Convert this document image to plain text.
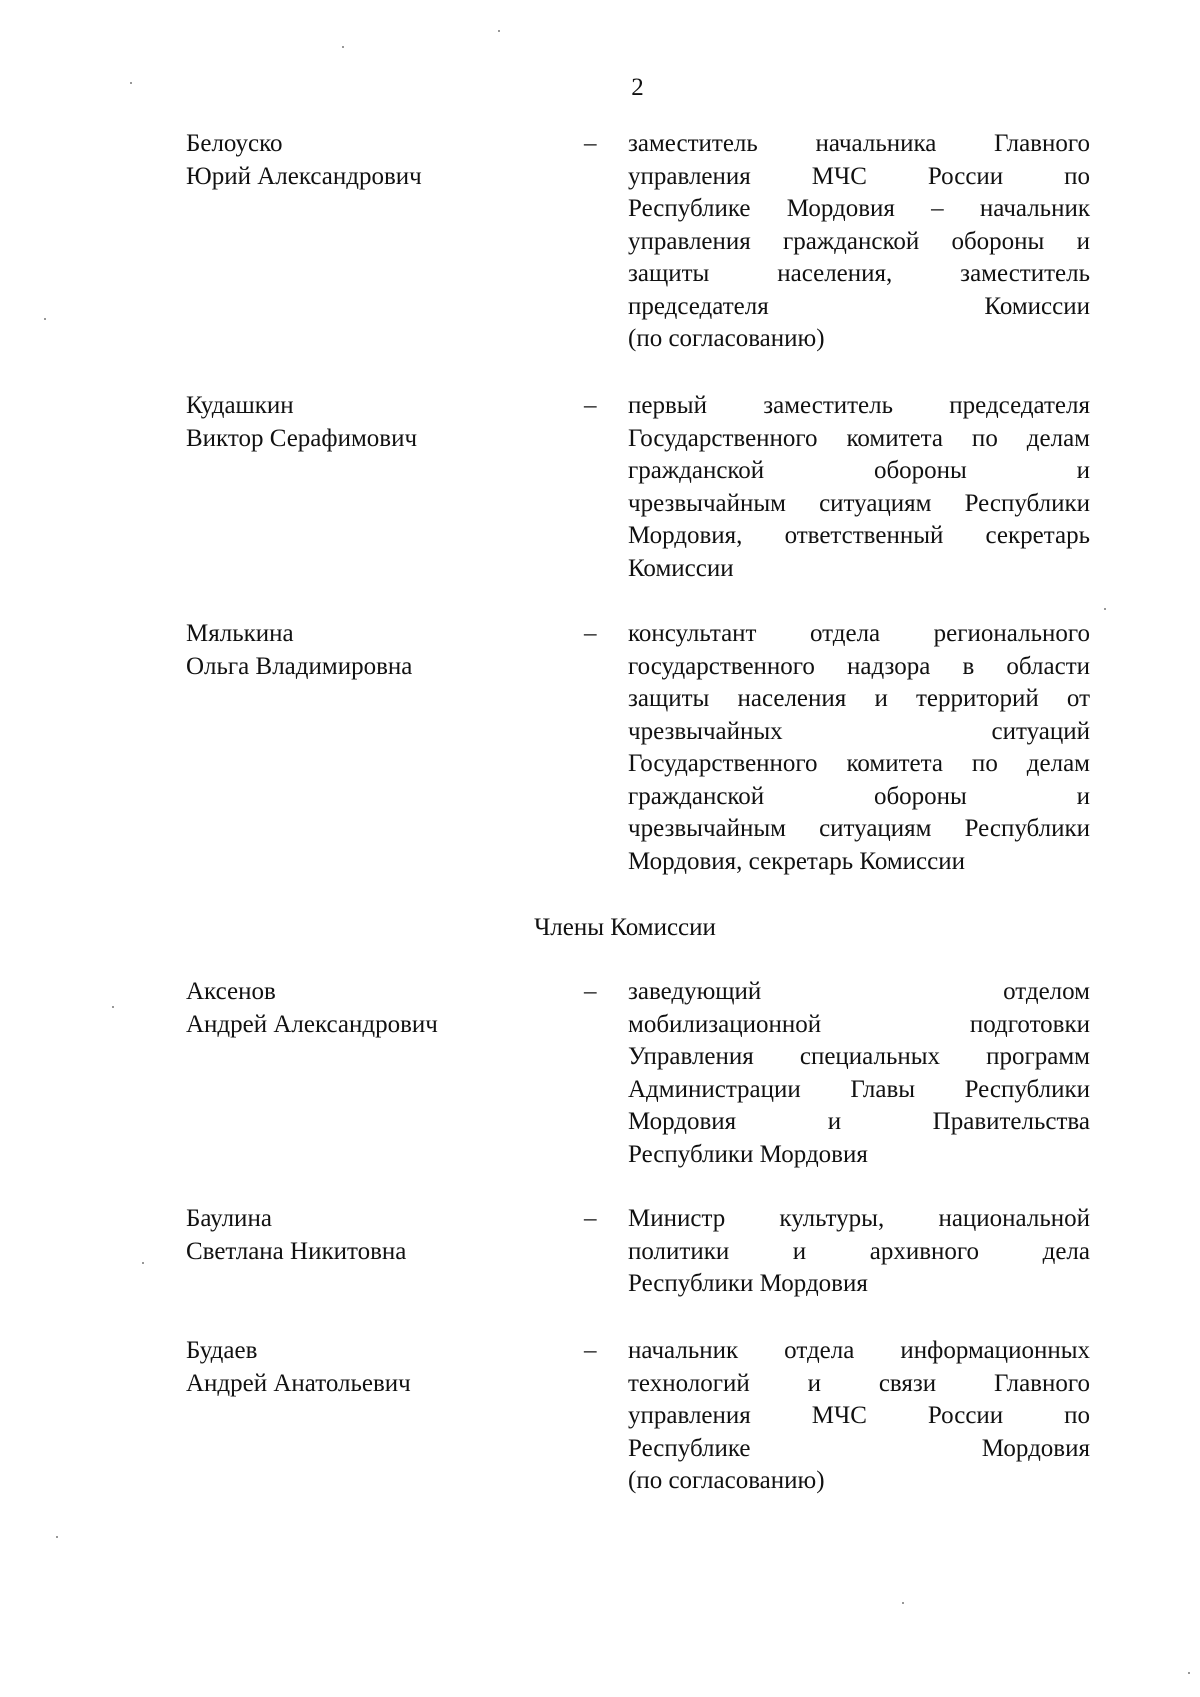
2
Белоуско
Юрий Александрович
– заместитель начальника Главного
управления МЧС России по
Республике Мордовия – начальник
управления гражданской обороны и
защиты населения, заместитель
председателя Комиссии
(по согласованию)
Кудашкин
Виктор Серафимович
– первый заместитель председателя
Государственного комитета по делам
гражданской обороны и
чрезвычайным ситуациям Республики
Мордовия, ответственный секретарь
Комиссии
Мялькина
Ольга Владимировна
– консультант отдела регионального
государственного надзора в области
защиты населения и территорий от
чрезвычайных ситуаций
Государственного комитета по делам
гражданской обороны и
чрезвычайным ситуациям Республики
Мордовия, секретарь Комиссии
Члены Комиссии
Аксенов
Андрей Александрович
– заведующий отделом
мобилизационной подготовки
Управления специальных программ
Администрации Главы Республики
Мордовия и Правительства
Республики Мордовия
Баулина
Светлана Никитовна
– Министр культуры, национальной
политики и архивного дела
Республики Мордовия
Будаев
Андрей Анатольевич
– начальник отдела информационных
технологий и связи Главного
управления МЧС России по
Республике Мордовия
(по согласованию)
